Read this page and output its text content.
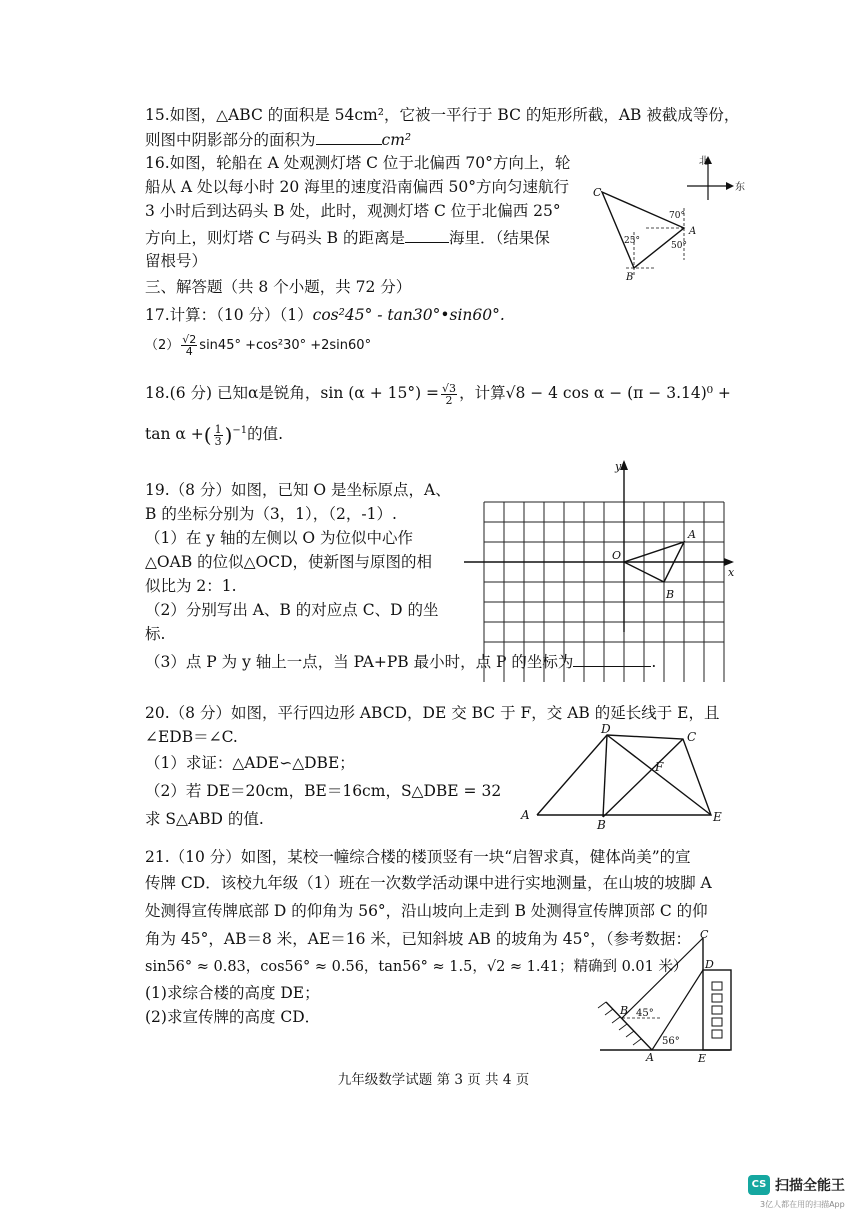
15.如图，△ABC 的面积是 54cm²，它被一平行于 BC 的矩形所截，AB 被截成等份，
则图中阴影部分的面积为	cm²
16.如图，轮船在 A 处观测灯塔 C 位于北偏西 70°方向上，轮
船从 A 处以每小时 20 海里的速度沿南偏西 50°方向匀速航行
3 小时后到达码头 B 处，此时，观测灯塔 C 位于北偏西 25°
方向上，则灯塔 C 与码头 B 的距离是	海里．（结果保
留根号）
北
东
C
A
B
70°
50°
25°
三、解答题（共 8 个小题，共 72 分）
17.计算：（10 分）（1）cos²45° - tan30°•sin60°.
$(2) \frac{√2}{4} \sin 45^\circ +\cos^230^\circ +2\sin 60^\circ$
18.(6 分) 已知α是锐角，$\sin (\alpha + 15^\circ) = \frac{√3}{2}$ ，计算√8 − 4 cos α − (π − 3.14)⁰ +
tan α +( $\frac{1}{3} )^{-1}$的值.
19.（8 分）如图，已知 O 是坐标原点，A、
B 的坐标分别为（3，1），（2，-1）.
（1）在 y 轴的左侧以 O 为位似中心作
△OAB 的位似△OCD，使新图与原图的相
似比为 2：1.
（2）分别写出 A、B 的对应点 C、D 的坐
标.
（3）点 P 为 y 轴上一点，当 PA+PB 最小时，点 P 的坐标为	.
y
x
O
A
B
20.（8 分）如图，平行四边形 ABCD，DE 交 BC 于 F，交 AB 的延长线于 E，且
∠EDB＝∠C.
（1）求证：△ADE∽△DBE；
（2）若 DE＝20cm，BE＝16cm，S△DBE = 32
求 S△ABD 的值.	A
B
C
D
E
F
21.（10 分）如图，某校一幢综合楼的楼顶竖有一块“启智求真，健体尚美”的宣
传牌 CD．该校九年级（1）班在一次数学活动课中进行实地测量，在山坡的坡脚 A
处测得宣传牌底部 D 的仰角为 56°，沿山坡向上走到 B 处测得宣传牌顶部 C 的仰
角为 45°，AB＝8 米，AE＝16 米，已知斜坡 AB 的坡角为 45°，（参考数据：
sin56° ≈ 0.83，cos56° ≈ 0.56，tan56° ≈ 1.5，√2 ≈ 1.41；精确到 0.01 米）
(1)求综合楼的高度 DE；
(2)求宣传牌的高度 CD．	B 45°
A
56°
E
D
C
九年级数学试题 第 3 页 共 4 页
CS 扫描全能王
3亿人都在用的扫描App
